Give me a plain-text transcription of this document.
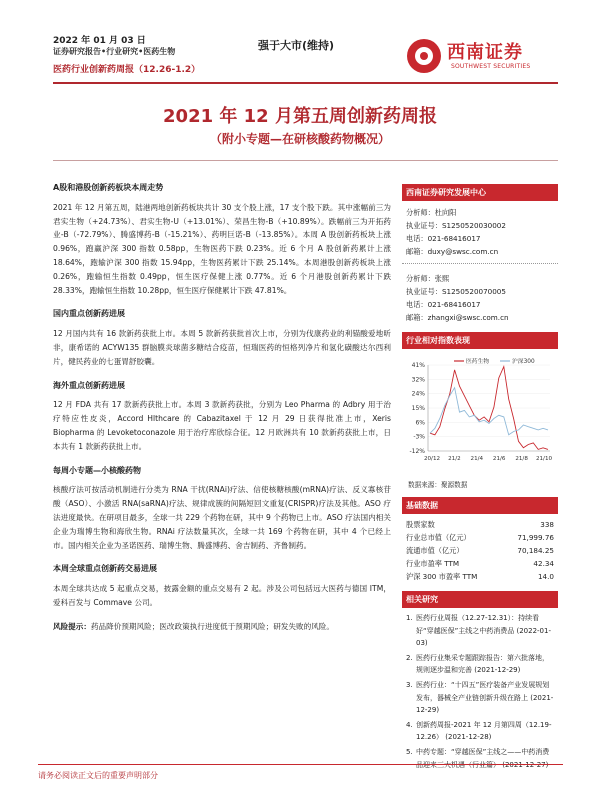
2022 年 01 月 03 日
证券研究报告•行业研究•医药生物
医药行业创新药周报（12.26-1.2）
强于大市(维持)	西南证券
SOUTHWEST SECURITIES
2021 年 12 月第五周创新药周报
（附小专题—在研核酸药物概况）
A股和港股创新药板块本周走势
2021 年 12 月第五周，陆港两地创新药板块共计 30 支个股上涨，17 支个股下跌。其中涨幅前三为君实生物（+24.73%）、君实生物-U（+13.01%）、荣昌生物-B（+10.89%）。跌幅前三为开拓药业-B（-72.79%）、腾盛博药-B（-15.21%）、药明巨诺-B（-13.85%）。本周 A 股创新药板块上涨 0.96%，跑赢沪深 300 指数 0.58pp，生物医药下跌 0.23%。近 6 个月 A 股创新药累计上涨 18.64%，跑输沪深 300 指数 15.94pp，生物医药累计下跌 25.14%。本周港股创新药板块上涨 0.26%，跑输恒生指数 0.49pp，恒生医疗保健上涨 0.77%。近 6 个月港股创新药累计下跌 28.33%，跑输恒生指数 10.28pp，恒生医疗保健累计下跌 47.81%。
国内重点创新药进展
12 月国内共有 16 款新药获批上市。本周 5 款新药获批首次上市，分别为伐康药业的利锚酸爱地昕非，康希诺的 ACYW135 群脑膜炎球菌多糖结合疫苗，恒瑞医药的恒格列净片和氢化磺酸达尔西利片，健民药业的七蛋胃舒胶囊。
海外重点创新药进展
12 月 FDA 共有 17 款新药获批上市。本周 3 款新药获批，分别为 Leo Pharma 的 Adbry 用于治疗特应性皮炎，Accord Hlthcare 的 Cabazitaxel 于 12 月 29 日获得批准上市，Xeris Biopharma 的 Levoketoconazole 用于治疗库欣综合征。12 月欧洲共有 10 款新药获批上市，日本共有 1 款新药获批上市。
每周小专题—小核酸药物
核酸疗法可按活动机制进行分类为 RNA 干扰(RNAi)疗法、信使核糖核酸(mRNA)疗法、反义寡核苷酸（ASO）、小激活 RNA(saRNA)疗法、规律成簇的间隔短回文重复(CRISPR)疗法及其他。ASO 疗法进度最快。在研项目最多，全球一共 229 个药物在研，其中 9 个药物已上市。ASO 疗法国内相关企业为瑞博生物和海欣生物。RNAi 疗法数量其次，全球一共 169 个药物在研，其中 4 个已经上市。国内相关企业为圣诺医药、瑞博生物、腾盛博药、舍吉制药、齐鲁制药。
本周全球重点创新药交易进展
本周全球共达成 5 起重点交易，披露金额的重点交易有 2 起。涉及公司包括远大医药与德国 ITM，爱科百发与 Commave 公司。
风险提示：药品降价预期风险；医改政策执行进度低于预期风险；研发失败的风险。
西南证券研究发展中心
分析师：杜向阳
执业证号：S1250520030002
电话：021-68416017
邮箱：duxy@swsc.com.cn
分析师：张熙
执业证号：S1250520070005
电话：021-68416017
邮箱：zhangxi@swsc.com.cn
行业相对指数表现
41%
32%
24%
15%
6%
-3%
-12%
20/12 21/2 21/4 21/6 21/8 21/10
医药生物	沪深300
数据来源：聚源数据
基础数据
股票家数	338
行业总市值（亿元）	71,999.76
流通市值（亿元）	70,184.25
行业市盈率 TTM	42.34
沪深 300 市盈率 TTM	14.0
相关研究
1. 医药行业周报（12.27-12.31）：持续看好“穿越医保”主线之中药消费品 (2022-01-03)
2. 医药行业集采专题跟踪报告：第六批落地，规则逐步温和完善 (2021-12-29)
3. 医药行业：“十四五”医疗装备产业发展规划发布，器械全产业链创新升级在路上 (2021-12-29)
4. 创新药周报-2021 年 12 月第四周（12.19-12.26） (2021-12-28)
5. 中药专题：“穿越医保”主线之——中药消费
请务必阅读正文后的重要声明部分
